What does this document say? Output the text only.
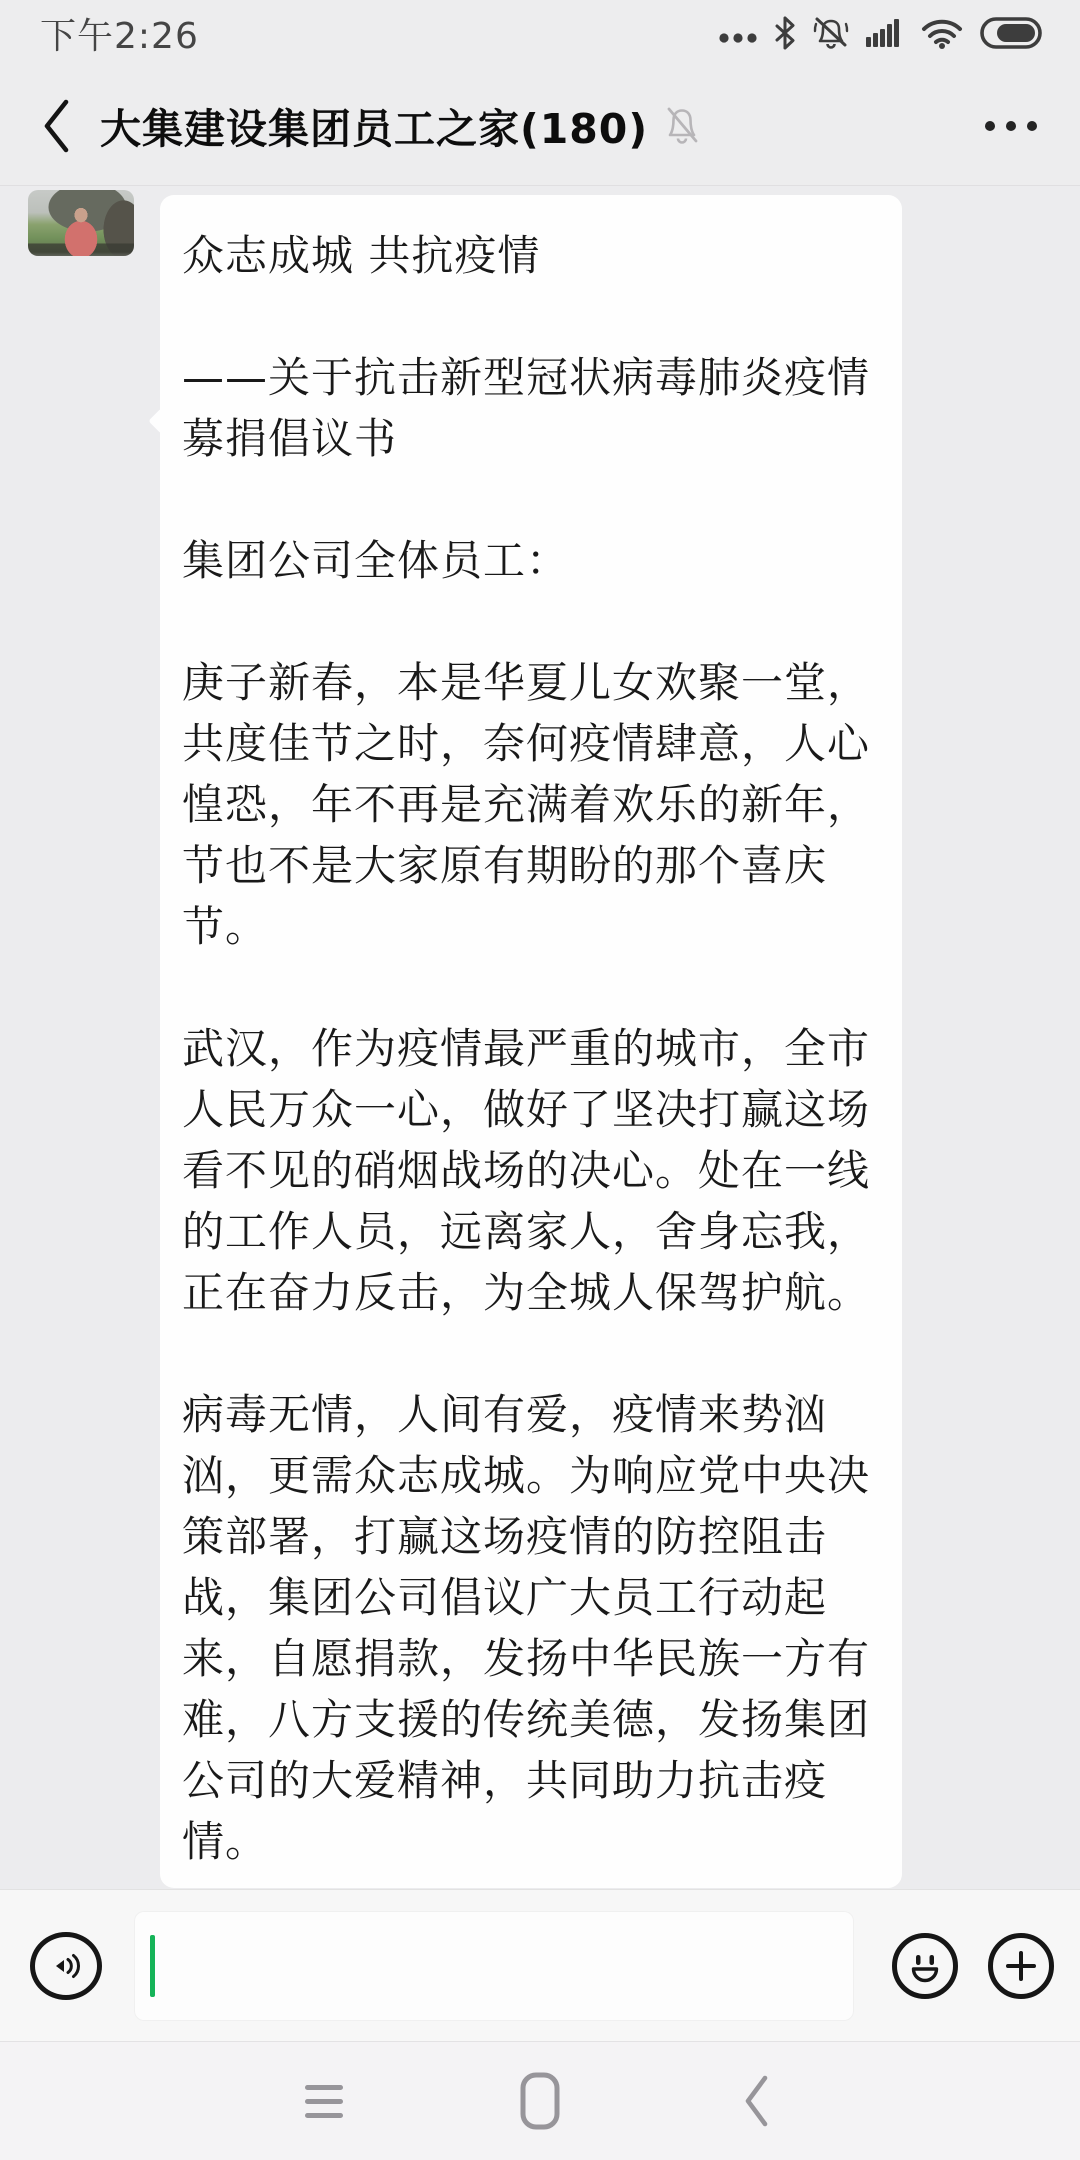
下午2:26
大集建设集团员工之家(180)

众志成城 共抗疫情

——关于抗击新型冠状病毒肺炎疫情募捐倡议书

集团公司全体员工：

庚子新春，本是华夏儿女欢聚一堂，共度佳节之时，奈何疫情肆意，人心惶恐，年不再是充满着欢乐的新年，节也不是大家原有期盼的那个喜庆节。

武汉，作为疫情最严重的城市，全市人民万众一心，做好了坚决打赢这场看不见的硝烟战场的决心。处在一线的工作人员，远离家人，舍身忘我，正在奋力反击，为全城人保驾护航。

病毒无情，人间有爱，疫情来势汹汹，更需众志成城。为响应党中央决策部署，打赢这场疫情的防控阻击战，集团公司倡议广大员工行动起来，自愿捐款，发扬中华民族一方有难，八方支援的传统美德，发扬集团公司的大爱精神，共同助力抗击疫情。
